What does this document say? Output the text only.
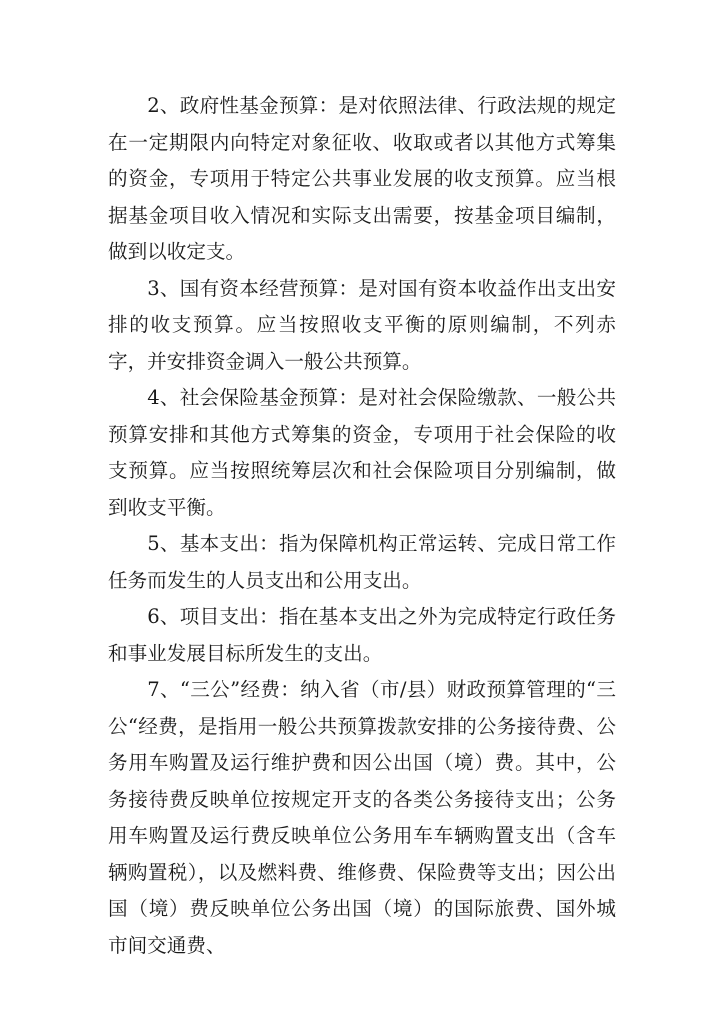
2、政府性基金预算：是对依照法律、行政法规的规定在一定期限内向特定对象征收、收取或者以其他方式筹集的资金，专项用于特定公共事业发展的收支预算。应当根据基金项目收入情况和实际支出需要，按基金项目编制，做到以收定支。

3、国有资本经营预算：是对国有资本收益作出支出安排的收支预算。应当按照收支平衡的原则编制，不列赤字，并安排资金调入一般公共预算。

4、社会保险基金预算：是对社会保险缴款、一般公共预算安排和其他方式筹集的资金，专项用于社会保险的收支预算。应当按照统筹层次和社会保险项目分别编制，做到收支平衡。

5、基本支出：指为保障机构正常运转、完成日常工作任务而发生的人员支出和公用支出。

6、项目支出：指在基本支出之外为完成特定行政任务和事业发展目标所发生的支出。

7、“三公”经费：纳入省（市/县）财政预算管理的“三公“经费，是指用一般公共预算拨款安排的公务接待费、公务用车购置及运行维护费和因公出国（境）费。其中，公务接待费反映单位按规定开支的各类公务接待支出；公务用车购置及运行费反映单位公务用车车辆购置支出（含车辆购置税），以及燃料费、维修费、保险费等支出；因公出国（境）费反映单位公务出国（境）的国际旅费、国外城市间交通费、
